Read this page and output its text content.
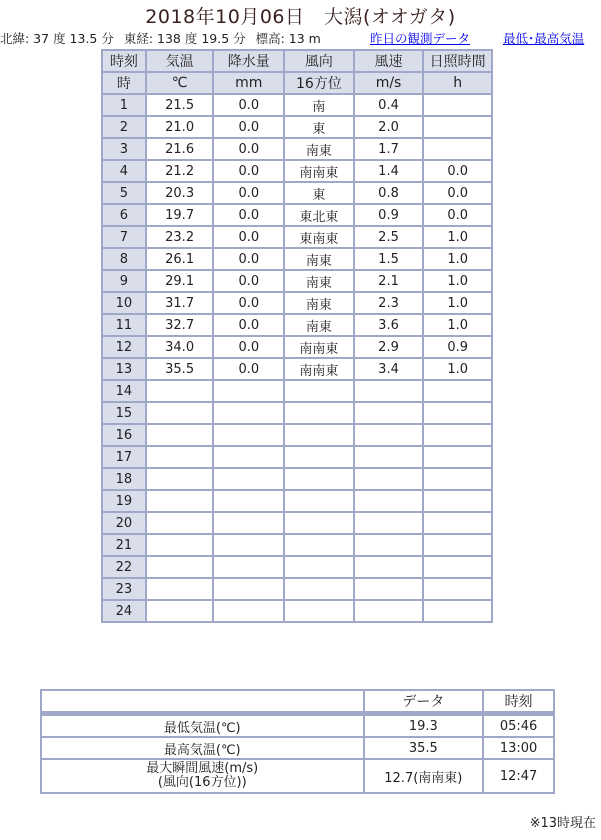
2018年10月06日　大潟(オオガタ)
北緯: 37 度 13.5 分 東経: 138 度 19.5 分 標高: 13 m	昨日の観測データ	最低･最高気温
時刻	気温	降水量	風向	風速	日照時間
時	℃	mm	16方位	m/s	h
1	21.5	0.0	南	0.4	
2	21.0	0.0	東	2.0	
3	21.6	0.0	南東	1.7	
4	21.2	0.0	南南東	1.4	0.0
5	20.3	0.0	東	0.8	0.0
6	19.7	0.0	東北東	0.9	0.0
7	23.2	0.0	東南東	2.5	1.0
8	26.1	0.0	南東	1.5	1.0
9	29.1	0.0	南東	2.1	1.0
10	31.7	0.0	南東	2.3	1.0
11	32.7	0.0	南東	3.6	1.0
12	34.0	0.0	南南東	2.9	0.9
13	35.5	0.0	南南東	3.4	1.0
14					
15					
16					
17					
18					
19					
20					
21					
22					
23					
24					
	データ	時刻
最低気温(℃)	19.3	05:46
最高気温(℃)	35.5	13:00

最大瞬間風速(m/s)
(風向(16方位))	12.7(南南東)	12:47
※13時現在
